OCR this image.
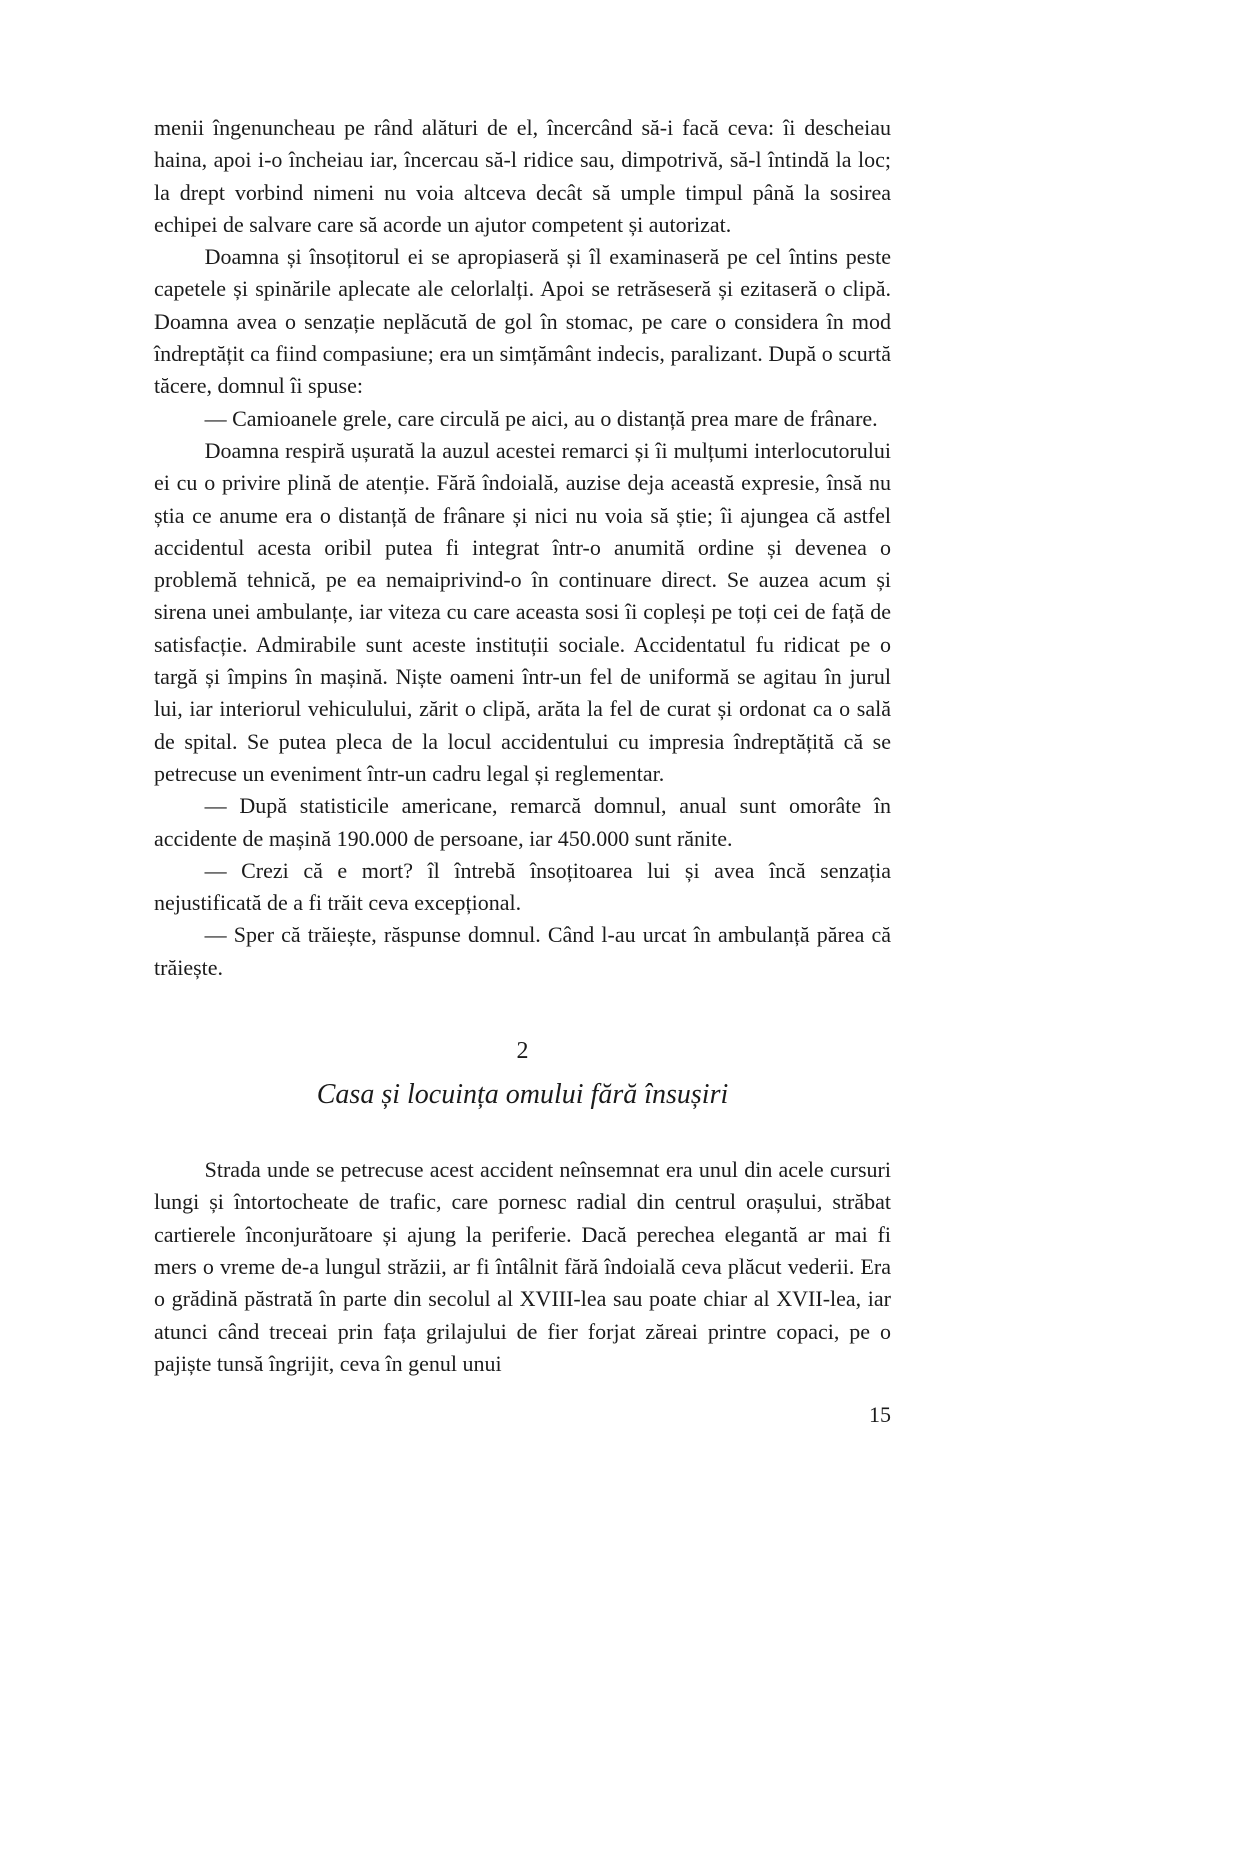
menii îngenuncheau pe rând alături de el, încercând să-i facă ceva: îi descheiau haina, apoi i-o încheiau iar, încercau să-l ridice sau, dimpotrivă, să-l întindă la loc; la drept vorbind nimeni nu voia altceva decât să umple timpul până la sosirea echipei de salvare care să acorde un ajutor competent și autorizat.

Doamna și însoțitorul ei se apropiaseră și îl examinaseră pe cel întins peste capetele și spinările aplecate ale celorlalți. Apoi se retrăseseră și ezitaseră o clipă. Doamna avea o senzație neplăcută de gol în stomac, pe care o considera în mod îndreptățit ca fiind compasiune; era un simțământ indecis, paralizant. După o scurtă tăcere, domnul îi spuse:

— Camioanele grele, care circulă pe aici, au o distanță prea mare de frânare.

Doamna respiră ușurată la auzul acestei remarci și îi mulțumi interlocutorului ei cu o privire plină de atenție. Fără îndoială, auzise deja această expresie, însă nu știa ce anume era o distanță de frânare și nici nu voia să știe; îi ajungea că astfel accidentul acesta oribil putea fi integrat într-o anumită ordine și devenea o problemă tehnică, pe ea nemaiprivind-o în continuare direct. Se auzea acum și sirena unei ambulanțe, iar viteza cu care aceasta sosi îi copleși pe toți cei de față de satisfacție. Admirabile sunt aceste instituții sociale. Accidentatul fu ridicat pe o targă și împins în mașină. Niște oameni într-un fel de uniformă se agitau în jurul lui, iar interiorul vehiculului, zărit o clipă, arăta la fel de curat și ordonat ca o sală de spital. Se putea pleca de la locul accidentului cu impresia îndreptățită că se petrecuse un eveniment într-un cadru legal și reglementar.

— După statisticile americane, remarcă domnul, anual sunt omorâte în accidente de mașină 190.000 de persoane, iar 450.000 sunt rănite.

— Crezi că e mort? îl întrebă însoțitoarea lui și avea încă senzația nejustificată de a fi trăit ceva excepțional.

— Sper că trăiește, răspunse domnul. Când l-au urcat în ambulanță părea că trăiește.

2

Casa și locuința omului fără însușiri

Strada unde se petrecuse acest accident neînsemnat era unul din acele cursuri lungi și întortocheate de trafic, care pornesc radial din centrul orașului, străbat cartierele înconjurătoare și ajung la periferie. Dacă perechea elegantă ar mai fi mers o vreme de-a lungul străzii, ar fi întâlnit fără îndoială ceva plăcut vederii. Era o grădină păstrată în parte din secolul al XVIII-lea sau poate chiar al XVII-lea, iar atunci când treceai prin fața grilajului de fier forjat zăreai printre copaci, pe o pajiște tunsă îngrijit, ceva în genul unui

15
